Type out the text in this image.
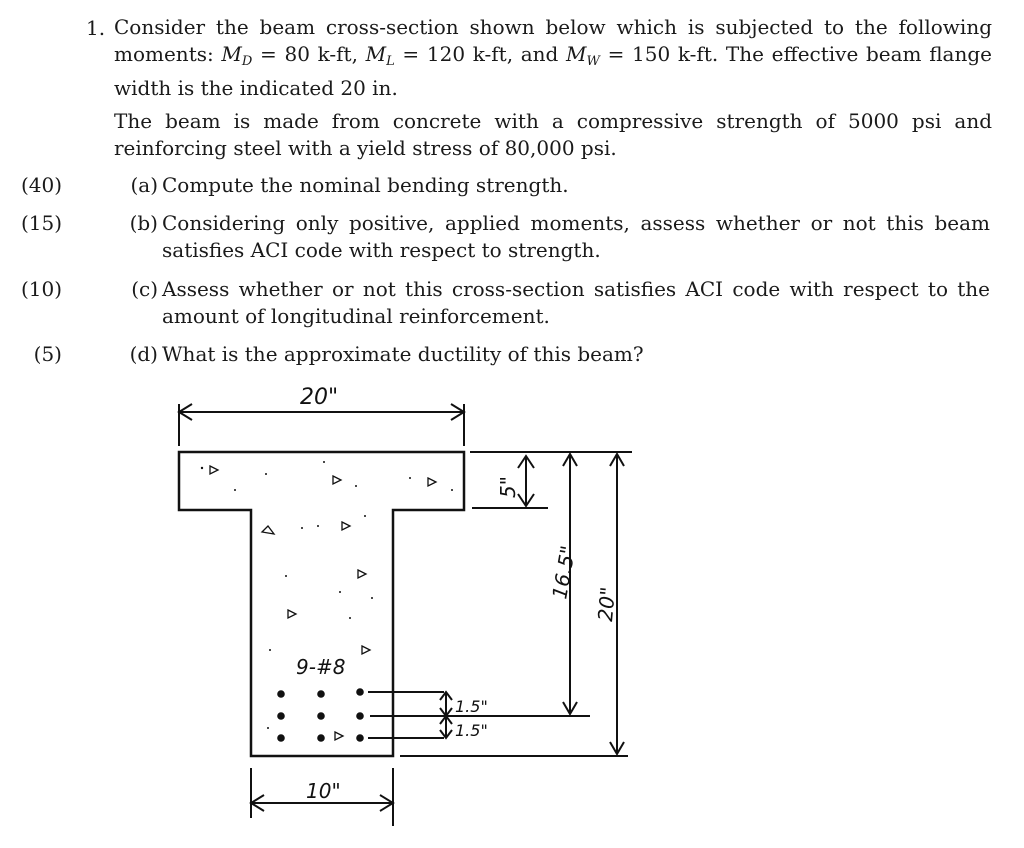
1. Consider the beam cross-section shown below which is subjected to the following moments: $M_D = 80$ k-ft, $M_L = 120$ k-ft, and $M_W = 150$ k-ft. The effective beam flange width is the indicated 20 in.
The beam is made from concrete with a compressive strength of 5000 psi and reinforcing steel with a yield stress of 80,000 psi.
(40)	(a) Compute the nominal bending strength.
(15)	(b) Considering only positive, applied moments, assess whether or not this beam satisfies ACI code with respect to strength.
(10)	(c) Assess whether or not this cross-section satisfies ACI code with respect to the amount of longitudinal reinforcement.
(5)	(d) What is the approximate ductility of this beam?
20"
10"
9-#8
1.5"
1.5"
5"
16.5"
20"
